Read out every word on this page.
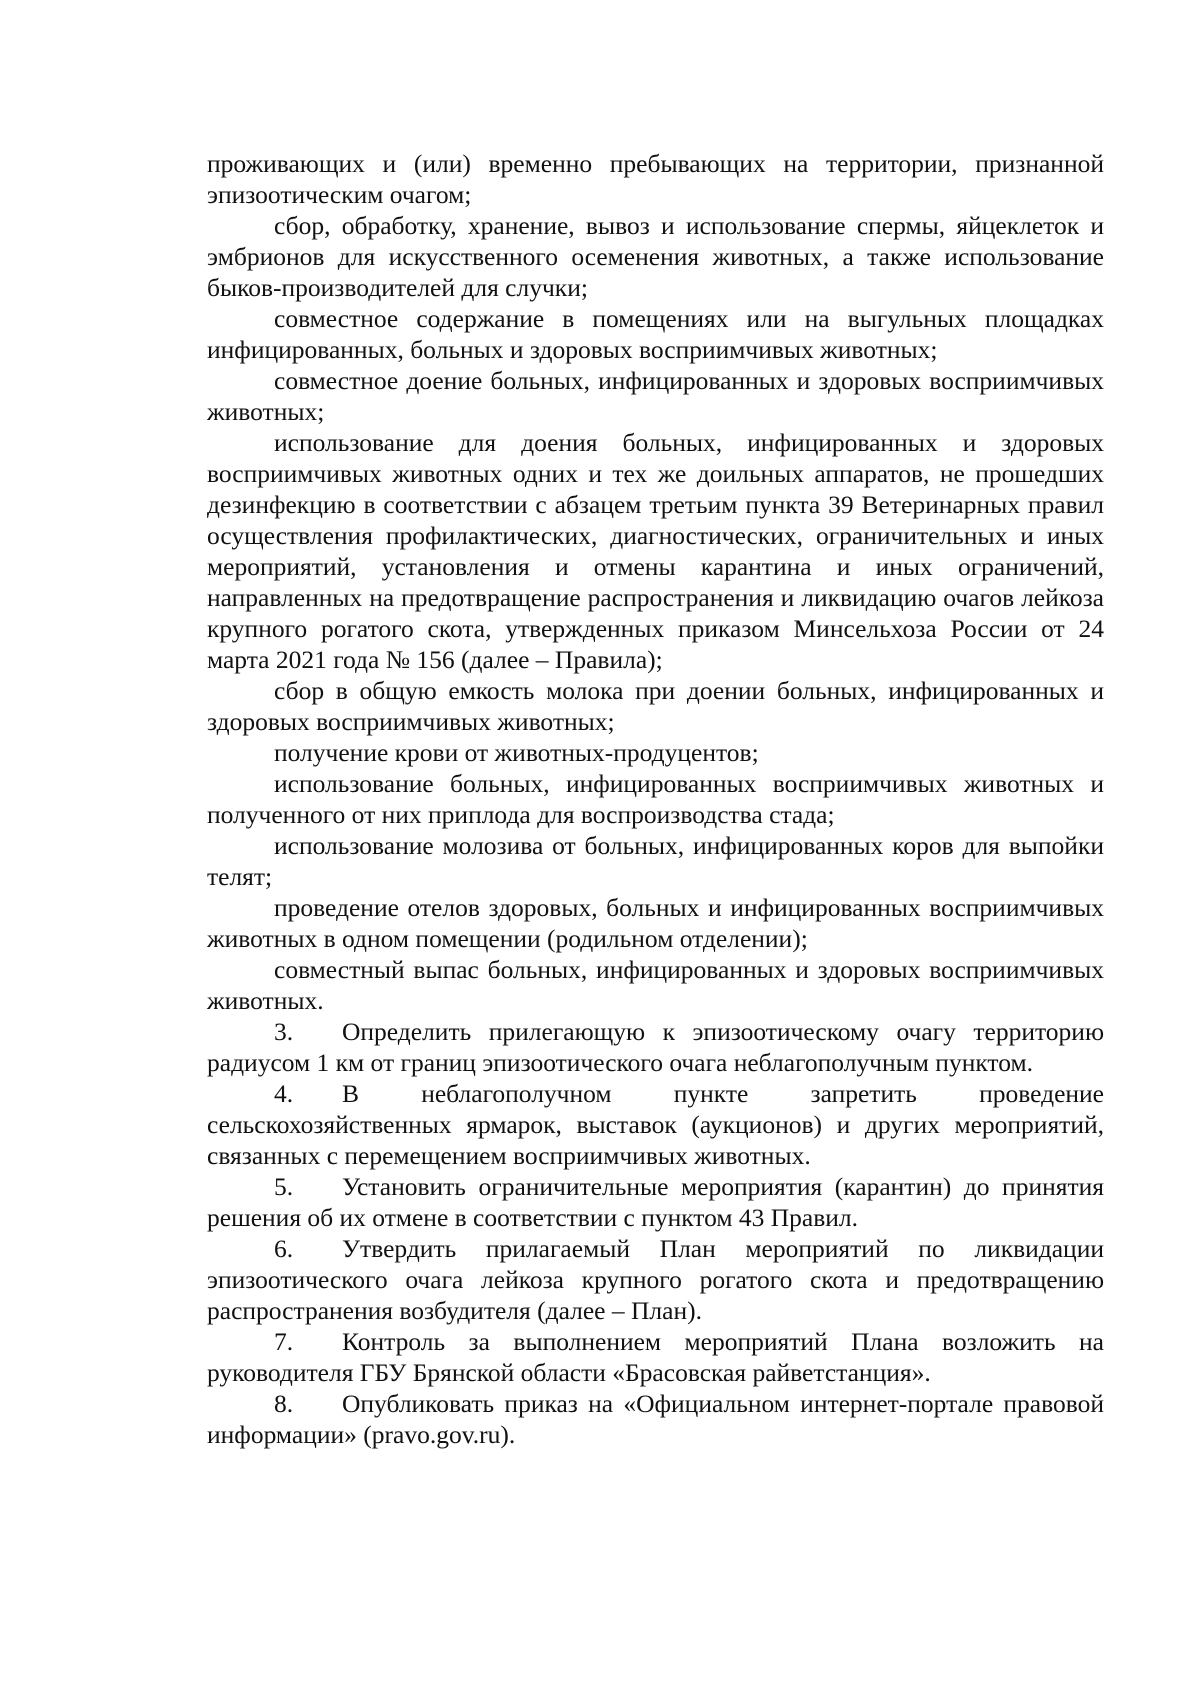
проживающих и (или) временно пребывающих на территории, признанной эпизоотическим очагом;

сбор, обработку, хранение, вывоз и использование спермы, яйцеклеток и эмбрионов для искусственного осеменения животных, а также использование быков-производителей для случки;

совместное содержание в помещениях или на выгульных площадках инфицированных, больных и здоровых восприимчивых животных;

совместное доение больных, инфицированных и здоровых восприимчивых животных;

использование для доения больных, инфицированных и здоровых восприимчивых животных одних и тех же доильных аппаратов, не прошедших дезинфекцию в соответствии с абзацем третьим пункта 39 Ветеринарных правил осуществления профилактических, диагностических, ограничительных и иных мероприятий, установления и отмены карантина и иных ограничений, направленных на предотвращение распространения и ликвидацию очагов лейкоза крупного рогатого скота, утвержденных приказом Минсельхоза России от 24 марта 2021 года № 156 (далее – Правила);

сбор в общую емкость молока при доении больных, инфицированных и здоровых восприимчивых животных;

получение крови от животных-продуцентов;

использование больных, инфицированных восприимчивых животных и полученного от них приплода для воспроизводства стада;

использование молозива от больных, инфицированных коров для выпойки телят;

проведение отелов здоровых, больных и инфицированных восприимчивых животных в одном помещении (родильном отделении);

совместный выпас больных, инфицированных и здоровых восприимчивых животных.

3. Определить прилегающую к эпизоотическому очагу территорию радиусом 1 км от границ эпизоотического очага неблагополучным пунктом.

4. В неблагополучном пункте запретить проведение сельскохозяйственных ярмарок, выставок (аукционов) и других мероприятий, связанных с перемещением восприимчивых животных.

5. Установить ограничительные мероприятия (карантин) до принятия решения об их отмене в соответствии с пунктом 43 Правил.

6. Утвердить прилагаемый План мероприятий по ликвидации эпизоотического очага лейкоза крупного рогатого скота и предотвращению распространения возбудителя (далее – План).

7. Контроль за выполнением мероприятий Плана возложить на руководителя ГБУ Брянской области «Брасовская райветстанция».

8. Опубликовать приказ на «Официальном интернет-портале правовой информации» (pravo.gov.ru).
